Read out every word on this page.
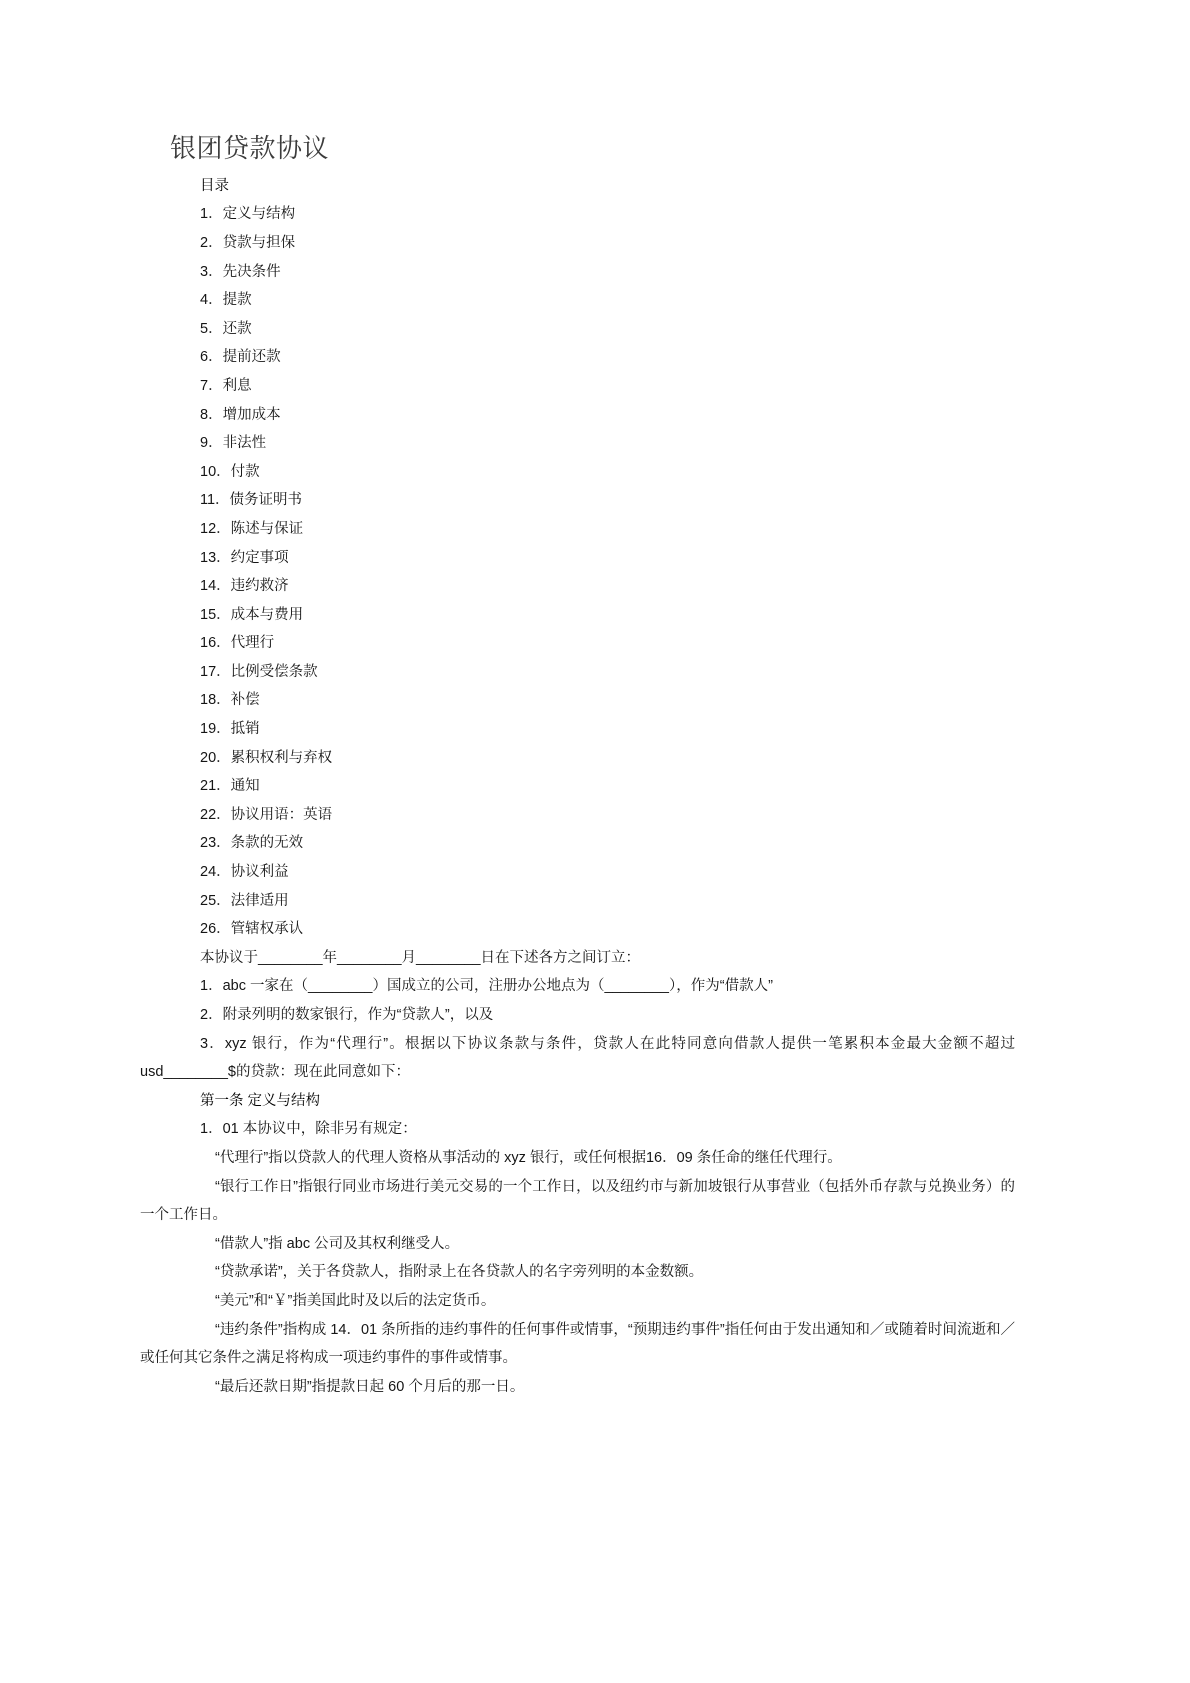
银团贷款协议
目录
1．定义与结构
2．贷款与担保
3．先决条件
4．提款
5．还款
6．提前还款
7．利息
8．增加成本
9．非法性
10．付款
11．债务证明书
12．陈述与保证
13．约定事项
14．违约救济
15．成本与费用
16．代理行
17．比例受偿条款
18．补偿
19．抵销
20．累积权利与弃权
21．通知
22．协议用语：英语
23．条款的无效
24．协议利益
25．法律适用
26．管辖权承认
本协议于________年________月________日在下述各方之间订立：
1．abc 一家在（________）国成立的公司，注册办公地点为（________），作为“借款人”
2．附录列明的数家银行，作为“贷款人”，以及
3．xyz 银行，作为“代理行”。根据以下协议条款与条件，贷款人在此特同意向借款人提供一笔累积本金最大金额不超过 usd________$的贷款：现在此同意如下：
第一条 定义与结构
1．01 本协议中，除非另有规定：
“代理行”指以贷款人的代理人资格从事活动的 xyz 银行，或任何根据16．09 条任命的继任代理行。
“银行工作日”指银行同业市场进行美元交易的一个工作日，以及纽约市与新加坡银行从事营业（包括外币存款与兑换业务）的一个工作日。
“借款人”指 abc 公司及其权利继受人。
“贷款承诺”，关于各贷款人，指附录上在各贷款人的名字旁列明的本金数额。
“美元”和“￥”指美国此时及以后的法定货币。
“违约条件”指构成 14．01 条所指的违约事件的任何事件或情事，“预期违约事件”指任何由于发出通知和／或随着时间流逝和／或任何其它条件之满足将构成一项违约事件的事件或情事。
“最后还款日期”指提款日起 60 个月后的那一日。
